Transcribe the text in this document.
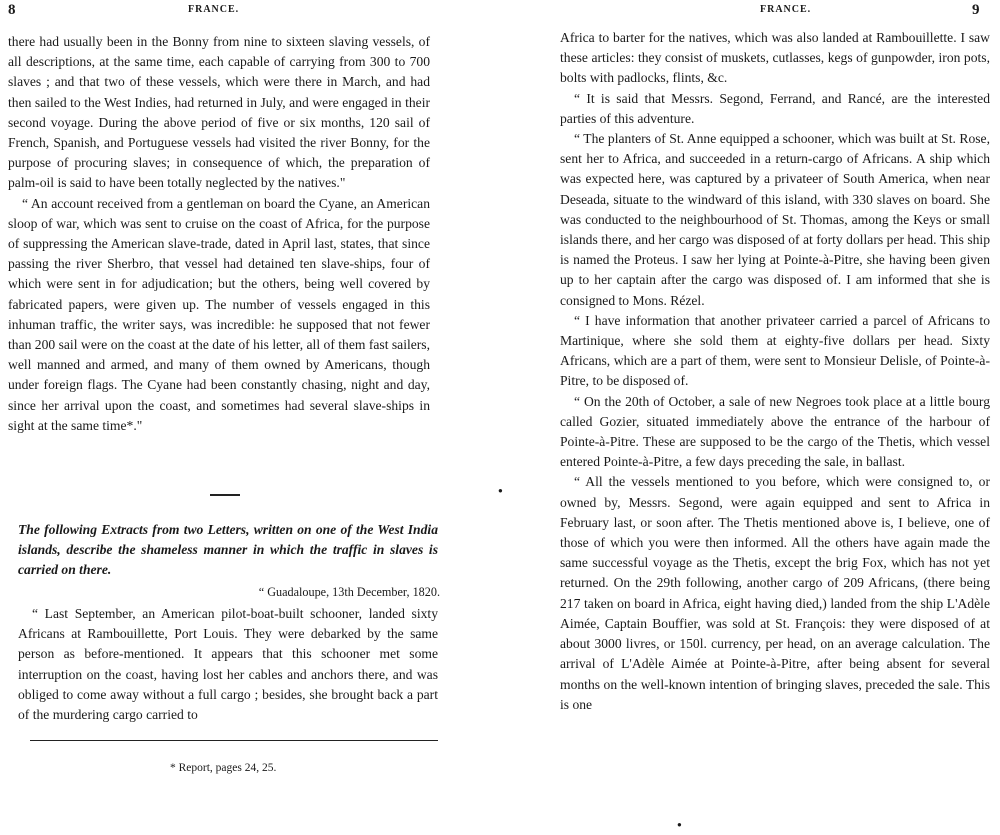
8	FRANCE.

there had usually been in the Bonny from nine to sixteen slaving vessels, of all descriptions, at the same time, each capable of carrying from 300 to 700 slaves ; and that two of these vessels, which were there in March, and had then sailed to the West Indies, had returned in July, and were engaged in their second voyage. During the above period of five or six months, 120 sail of French, Spanish, and Portuguese vessels had visited the river Bonny, for the purpose of procuring slaves; in consequence of which, the preparation of palm-oil is said to have been totally neglected by the natives."

“ An account received from a gentleman on board the Cyane, an American sloop of war, which was sent to cruise on the coast of Africa, for the purpose of suppressing the American slave-trade, dated in April last, states, that since passing the river Sherbro, that vessel had detained ten slave-ships, four of which were sent in for adjudication; but the others, being well covered by fabricated papers, were given up. The number of vessels engaged in this inhuman traffic, the writer says, was incredible: he supposed that not fewer than 200 sail were on the coast at the date of his letter, all of them fast sailers, well manned and armed, and many of them owned by Americans, though under foreign flags. The Cyane had been constantly chasing, night and day, since her arrival upon the coast, and sometimes had several slave-ships in sight at the same time*."

The following Extracts from two Letters, written on one of the West India islands, describe the shameless manner in which the traffic in slaves is carried on there.

“ Guadaloupe, 13th December, 1820.

“ Last September, an American pilot-boat-built schooner, landed sixty Africans at Rambouillette, Port Louis. They were debarked by the same person as before-mentioned. It appears that this schooner met some interruption on the coast, having lost her cables and anchors there, and was obliged to come away without a full cargo ; besides, she brought back a part of the murdering cargo carried to

* Report, pages 24, 25.

FRANCE.	9

Africa to barter for the natives, which was also landed at Rambouillette. I saw these articles: they consist of muskets, cutlasses, kegs of gunpowder, iron pots, bolts with padlocks, flints, &c.

“ It is said that Messrs. Segond, Ferrand, and Rancé, are the interested parties of this adventure.

“ The planters of St. Anne equipped a schooner, which was built at St. Rose, sent her to Africa, and succeeded in a return-cargo of Africans. A ship which was expected here, was captured by a privateer of South America, when near Deseada, situate to the windward of this island, with 330 slaves on board. She was conducted to the neighbourhood of St. Thomas, among the Keys or small islands there, and her cargo was disposed of at forty dollars per head. This ship is named the Proteus. I saw her lying at Pointe-à-Pitre, she having been given up to her captain after the cargo was disposed of. I am informed that she is consigned to Mons. Rézel.

“ I have information that another privateer carried a parcel of Africans to Martinique, where she sold them at eighty-five dollars per head. Sixty Africans, which are a part of them, were sent to Monsieur Delisle, of Pointe-à-Pitre, to be disposed of.

“ On the 20th of October, a sale of new Negroes took place at a little bourg called Gozier, situated immediately above the entrance of the harbour of Pointe-à-Pitre. These are supposed to be the cargo of the Thetis, which vessel entered Pointe-à-Pitre, a few days preceding the sale, in ballast.

“ All the vessels mentioned to you before, which were consigned to, or owned by, Messrs. Segond, were again equipped and sent to Africa in February last, or soon after. The Thetis mentioned above is, I believe, one of those of which you were then informed. All the others have again made the same successful voyage as the Thetis, except the brig Fox, which has not yet returned. On the 29th following, another cargo of 209 Africans, (there being 217 taken on board in Africa, eight having died,) landed from the ship L'Adèle Aimée, Captain Bouffier, was sold at St. François: they were disposed of at about 3000 livres, or 150l. currency, per head, on an average calculation. The arrival of L'Adèle Aimée at Pointe-à-Pitre, after being absent for several months on the well-known intention of bringing slaves, preceded the sale. This is one

●
●
